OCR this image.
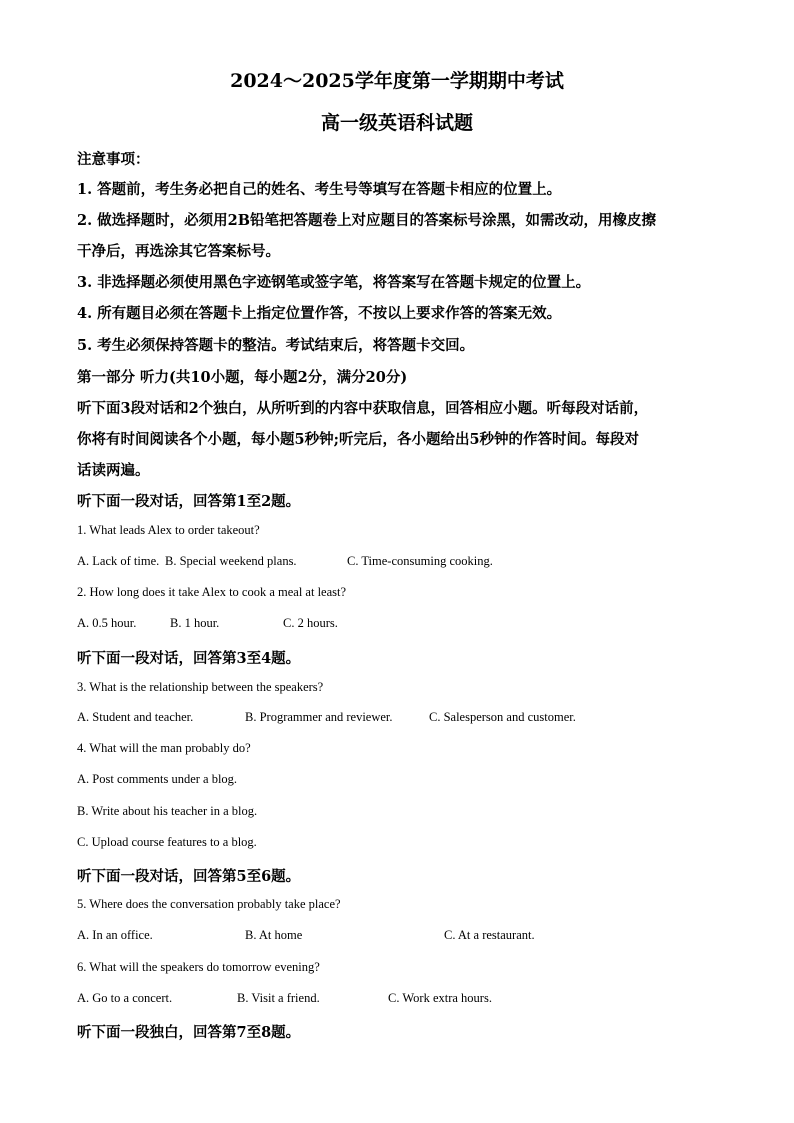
2024～2025学年度第一学期期中考试
高一级英语科试题
注意事项：
1. 答题前，考生务必把自己的姓名、考生号等填写在答题卡相应的位置上。
2. 做选择题时，必须用2B铅笔把答题卷上对应题目的答案标号涂黑，如需改动，用橡皮擦
干净后，再选涂其它答案标号。
3. 非选择题必须使用黑色字迹钢笔或签字笔，将答案写在答题卡规定的位置上。
4. 所有题目必须在答题卡上指定位置作答，不按以上要求作答的答案无效。
5. 考生必须保持答题卡的整洁。考试结束后，将答题卡交回。
第一部分 听力(共10小题，每小题2分，满分20分)
听下面3段对话和2个独白，从所听到的内容中获取信息，回答相应小题。听每段对话前，
你将有时间阅读各个小题，每小题5秒钟;听完后，各小题给出5秒钟的作答时间。每段对
话读两遍。
听下面一段对话，回答第1至2题。
1. What leads Alex to order takeout?
A. Lack of time. B. Special weekend plans.	C. Time-consuming cooking.
2. How long does it take Alex to cook a meal at least?
A. 0.5 hour.	B. 1 hour.	C. 2 hours.
听下面一段对话，回答第3至4题。
3. What is the relationship between the speakers?
A. Student and teacher.	B. Programmer and reviewer.	C. Salesperson and customer.
4. What will the man probably do?
A. Post comments under a blog.
B. Write about his teacher in a blog.
C. Upload course features to a blog.
听下面一段对话，回答第5至6题。
5. Where does the conversation probably take place?
A. In an office.	B. At home	C. At a restaurant.
6. What will the speakers do tomorrow evening?
A. Go to a concert.	B. Visit a friend.	C. Work extra hours.
听下面一段独白，回答第7至8题。
